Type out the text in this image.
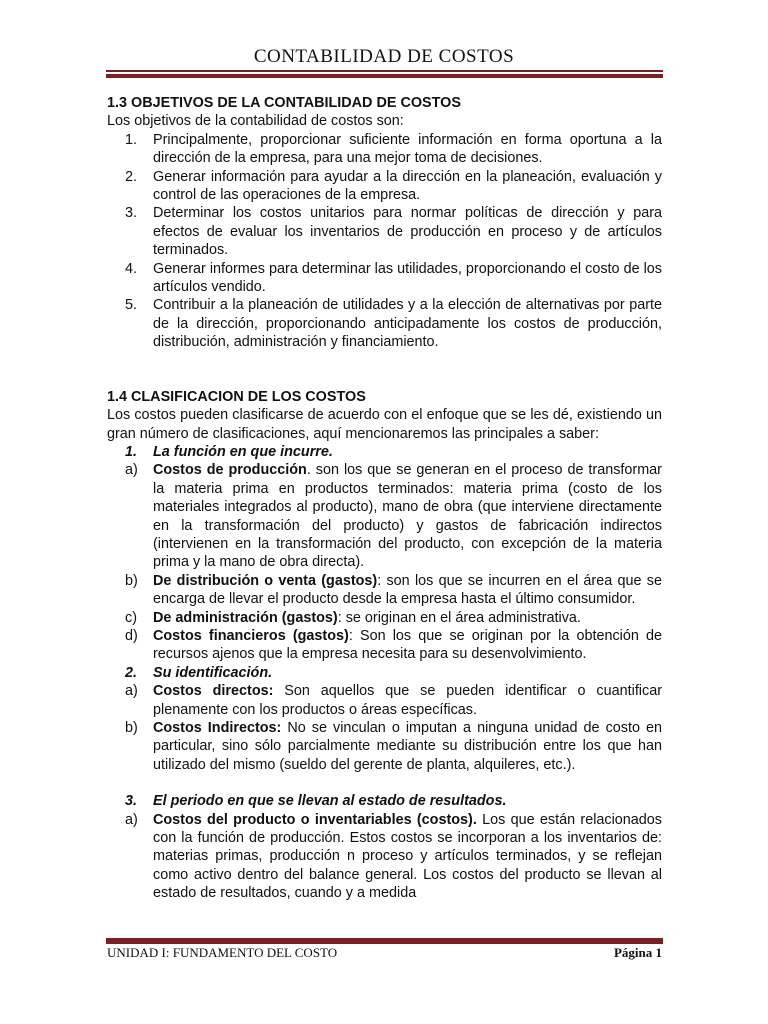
CONTABILIDAD DE COSTOS

1.3 OBJETIVOS DE LA CONTABILIDAD DE COSTOS

Los objetivos de la contabilidad de costos son:

1.	Principalmente, proporcionar suficiente información en forma oportuna a la dirección de la empresa, para una mejor toma de decisiones.
2.	Generar información para ayudar a la dirección en la planeación, evaluación y control de las operaciones de la empresa.
3.	Determinar los costos unitarios para normar políticas de dirección y para efectos de evaluar los inventarios de producción en proceso y de artículos terminados.
4.	Generar informes para determinar las utilidades, proporcionando el costo de los artículos vendido.
5.	Contribuir a la planeación de utilidades y a la elección de alternativas por parte de la dirección, proporcionando anticipadamente los costos de producción, distribución, administración y financiamiento.

1.4 CLASIFICACION DE LOS COSTOS

Los costos pueden clasificarse de acuerdo con el enfoque que se les dé, existiendo un gran número de clasificaciones, aquí mencionaremos las principales a saber:

1.	La función en que incurre.
a)	Costos de producción. son los que se generan en el proceso de transformar la materia prima en productos terminados: materia prima (costo de los materiales integrados al producto), mano de obra (que interviene directamente en la transformación del producto) y gastos de fabricación indirectos (intervienen en la transformación del producto, con excepción de la materia prima y la mano de obra directa).
b)	De distribución o venta (gastos): son los que se incurren en el área que se encarga de llevar el producto desde la empresa hasta el último consumidor.
c)	De administración (gastos): se originan en el área administrativa.
d)	Costos financieros (gastos): Son los que se originan por la obtención de recursos ajenos que la empresa necesita para su desenvolvimiento.
2.	Su identificación.
a)	Costos directos: Son aquellos que se pueden identificar o cuantificar plenamente con los productos o áreas específicas.
b)	Costos Indirectos: No se vinculan o imputan a ninguna unidad de costo en particular, sino sólo parcialmente mediante su distribución entre los que han utilizado del mismo (sueldo del gerente de planta, alquileres, etc.).
3.	El periodo en que se llevan al estado de resultados.
a)	Costos del producto o inventariables (costos). Los que están relacionados con la función de producción. Estos costos se incorporan a los inventarios de: materias primas, producción n proceso y artículos terminados, y se reflejan como activo dentro del balance general. Los costos del producto se llevan al estado de resultados, cuando y a medida
UNIDAD I: FUNDAMENTO DEL COSTO	Página 1
